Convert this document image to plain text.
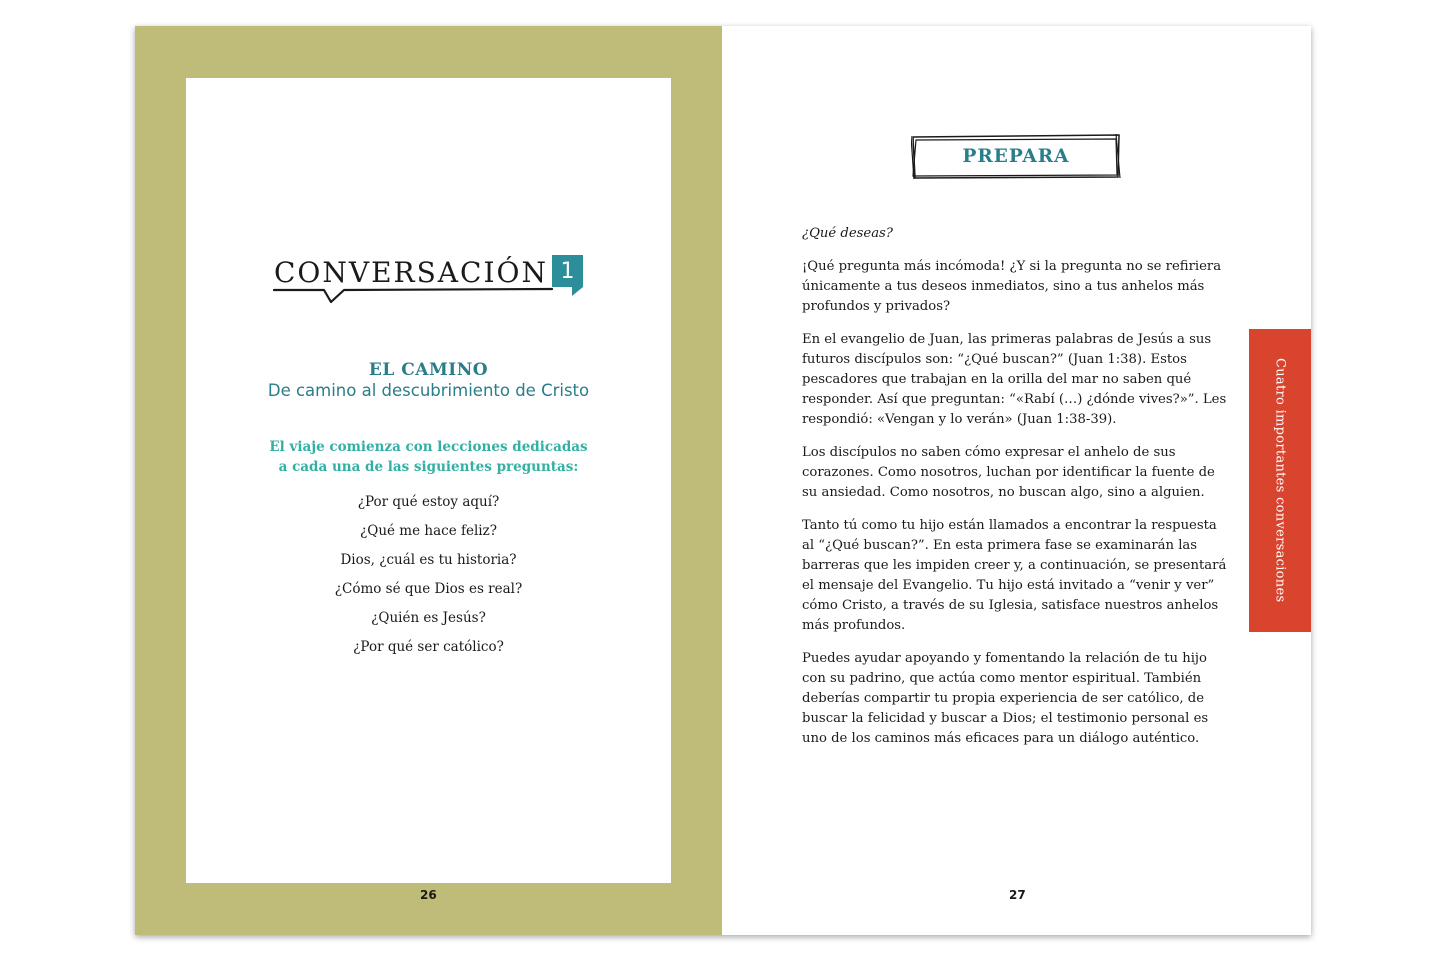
CONVERSACIÓN 1
EL CAMINO
De camino al descubrimiento de Cristo
El viaje comienza con lecciones dedicadas
a cada una de las siguientes preguntas:
¿Por qué estoy aquí?
¿Qué me hace feliz?
Dios, ¿cuál es tu historia?
¿Cómo sé que Dios es real?
¿Quién es Jesús?
¿Por qué ser católico?
26
PREPARA

¿Qué deseas?

¡Qué pregunta más incómoda! ¿Y si la pregunta no se refiriera únicamente a tus deseos inmediatos, sino a tus anhelos más profundos y privados?

En el evangelio de Juan, las primeras palabras de Jesús a sus futuros discípulos son: “¿Qué buscan?” (Juan 1:38). Estos pescadores que trabajan en la orilla del mar no saben qué responder. Así que preguntan: “«Rabí (…) ¿dónde vives?»”. Les respondió: «Vengan y lo verán» (Juan 1:38-39).

Los discípulos no saben cómo expresar el anhelo de sus corazones. Como nosotros, luchan por identificar la fuente de su ansiedad. Como nosotros, no buscan algo, sino a alguien.

Tanto tú como tu hijo están llamados a encontrar la respuesta al “¿Qué buscan?”. En esta primera fase se examinarán las barreras que les impiden creer y, a continuación, se presentará el mensaje del Evangelio. Tu hijo está invitado a “venir y ver” cómo Cristo, a través de su Iglesia, satisface nuestros anhelos más profundos.

Puedes ayudar apoyando y fomentando la relación de tu hijo con su padrino, que actúa como mentor espiritual. También deberías compartir tu propia experiencia de ser católico, de buscar la felicidad y buscar a Dios; el testimonio personal es uno de los caminos más eficaces para un diálogo auténtico.

27
Cuatro importantes conversaciones
